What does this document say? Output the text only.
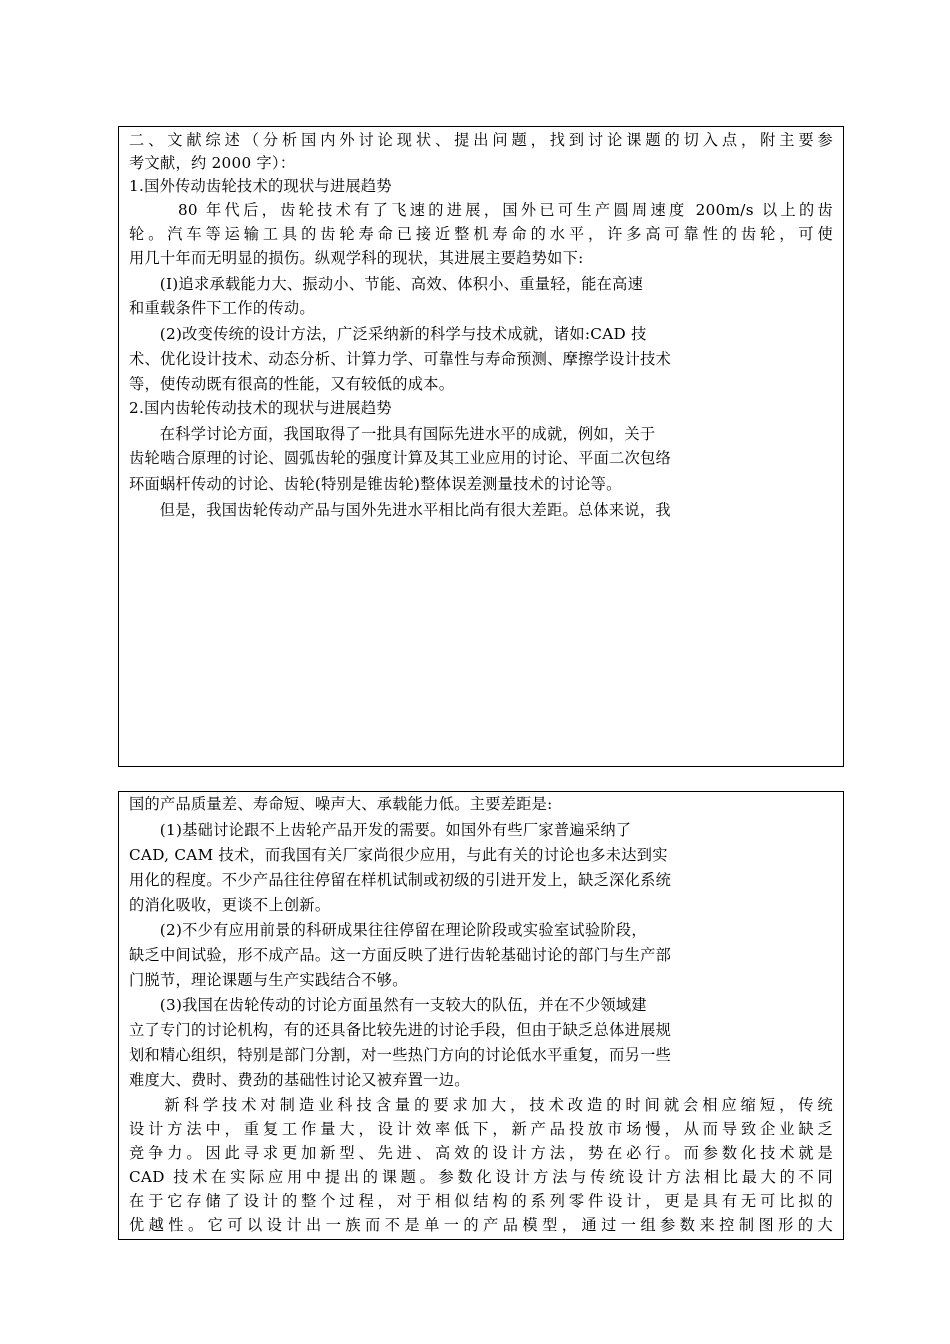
二、文献综述（分析国内外讨论现状、提出问题，找到讨论课题的切入点，附主要参
考文献，约 2000 字）：
1.国外传动齿轮技术的现状与进展趋势
80 年代后，齿轮技术有了飞速的进展，国外已可生产圆周速度 200m/s 以上的齿
轮。汽车等运输工具的齿轮寿命已接近整机寿命的水平，许多高可靠性的齿轮，可使
用几十年而无明显的损伤。纵观学科的现状，其进展主要趋势如下:
(I)追求承载能力大、振动小、节能、高效、体积小、重量轻，能在高速
和重载条件下工作的传动。
(2)改变传统的设计方法，广泛采纳新的科学与技术成就，诸如:CAD 技
术、优化设计技术、动态分析、计算力学、可靠性与寿命预测、摩擦学设计技术
等，使传动既有很高的性能，又有较低的成本。
2.国内齿轮传动技术的现状与进展趋势
在科学讨论方面，我国取得了一批具有国际先进水平的成就，例如，关于
齿轮啮合原理的讨论、圆弧齿轮的强度计算及其工业应用的讨论、平面二次包络
环面蜗杆传动的讨论、齿轮(特别是锥齿轮)整体误差测量技术的讨论等。
但是，我国齿轮传动产品与国外先进水平相比尚有很大差距。总体来说，我
国的产品质量差、寿命短、噪声大、承载能力低。主要差距是:
(1)基础讨论跟不上齿轮产品开发的需要。如国外有些厂家普遍采纳了
CAD, CAM 技术，而我国有关厂家尚很少应用，与此有关的讨论也多未达到实
用化的程度。不少产品往往停留在样机试制或初级的引进开发上，缺乏深化系统
的消化吸收，更谈不上创新。
(2)不少有应用前景的科研成果往往停留在理论阶段或实验室试验阶段，
缺乏中间试验，形不成产品。这一方面反映了进行齿轮基础讨论的部门与生产部
门脱节，理论课题与生产实践结合不够。
(3)我国在齿轮传动的讨论方面虽然有一支较大的队伍，并在不少领域建
立了专门的讨论机构，有的还具备比较先进的讨论手段，但由于缺乏总体进展规
划和精心组织，特别是部门分割，对一些热门方向的讨论低水平重复，而另一些
难度大、费时、费劲的基础性讨论又被弃置一边。
新科学技术对制造业科技含量的要求加大，技术改造的时间就会相应缩短，传统
设计方法中，重复工作量大，设计效率低下，新产品投放市场慢，从而导致企业缺乏
竞争力。因此寻求更加新型、先进、高效的设计方法，势在必行。而参数化技术就是
CAD 技术在实际应用中提出的课题。参数化设计方法与传统设计方法相比最大的不同
在于它存储了设计的整个过程，对于相似结构的系列零件设计，更是具有无可比拟的
优越性。它可以设计出一族而不是单一的产品模型，通过一组参数来控制图形的大
